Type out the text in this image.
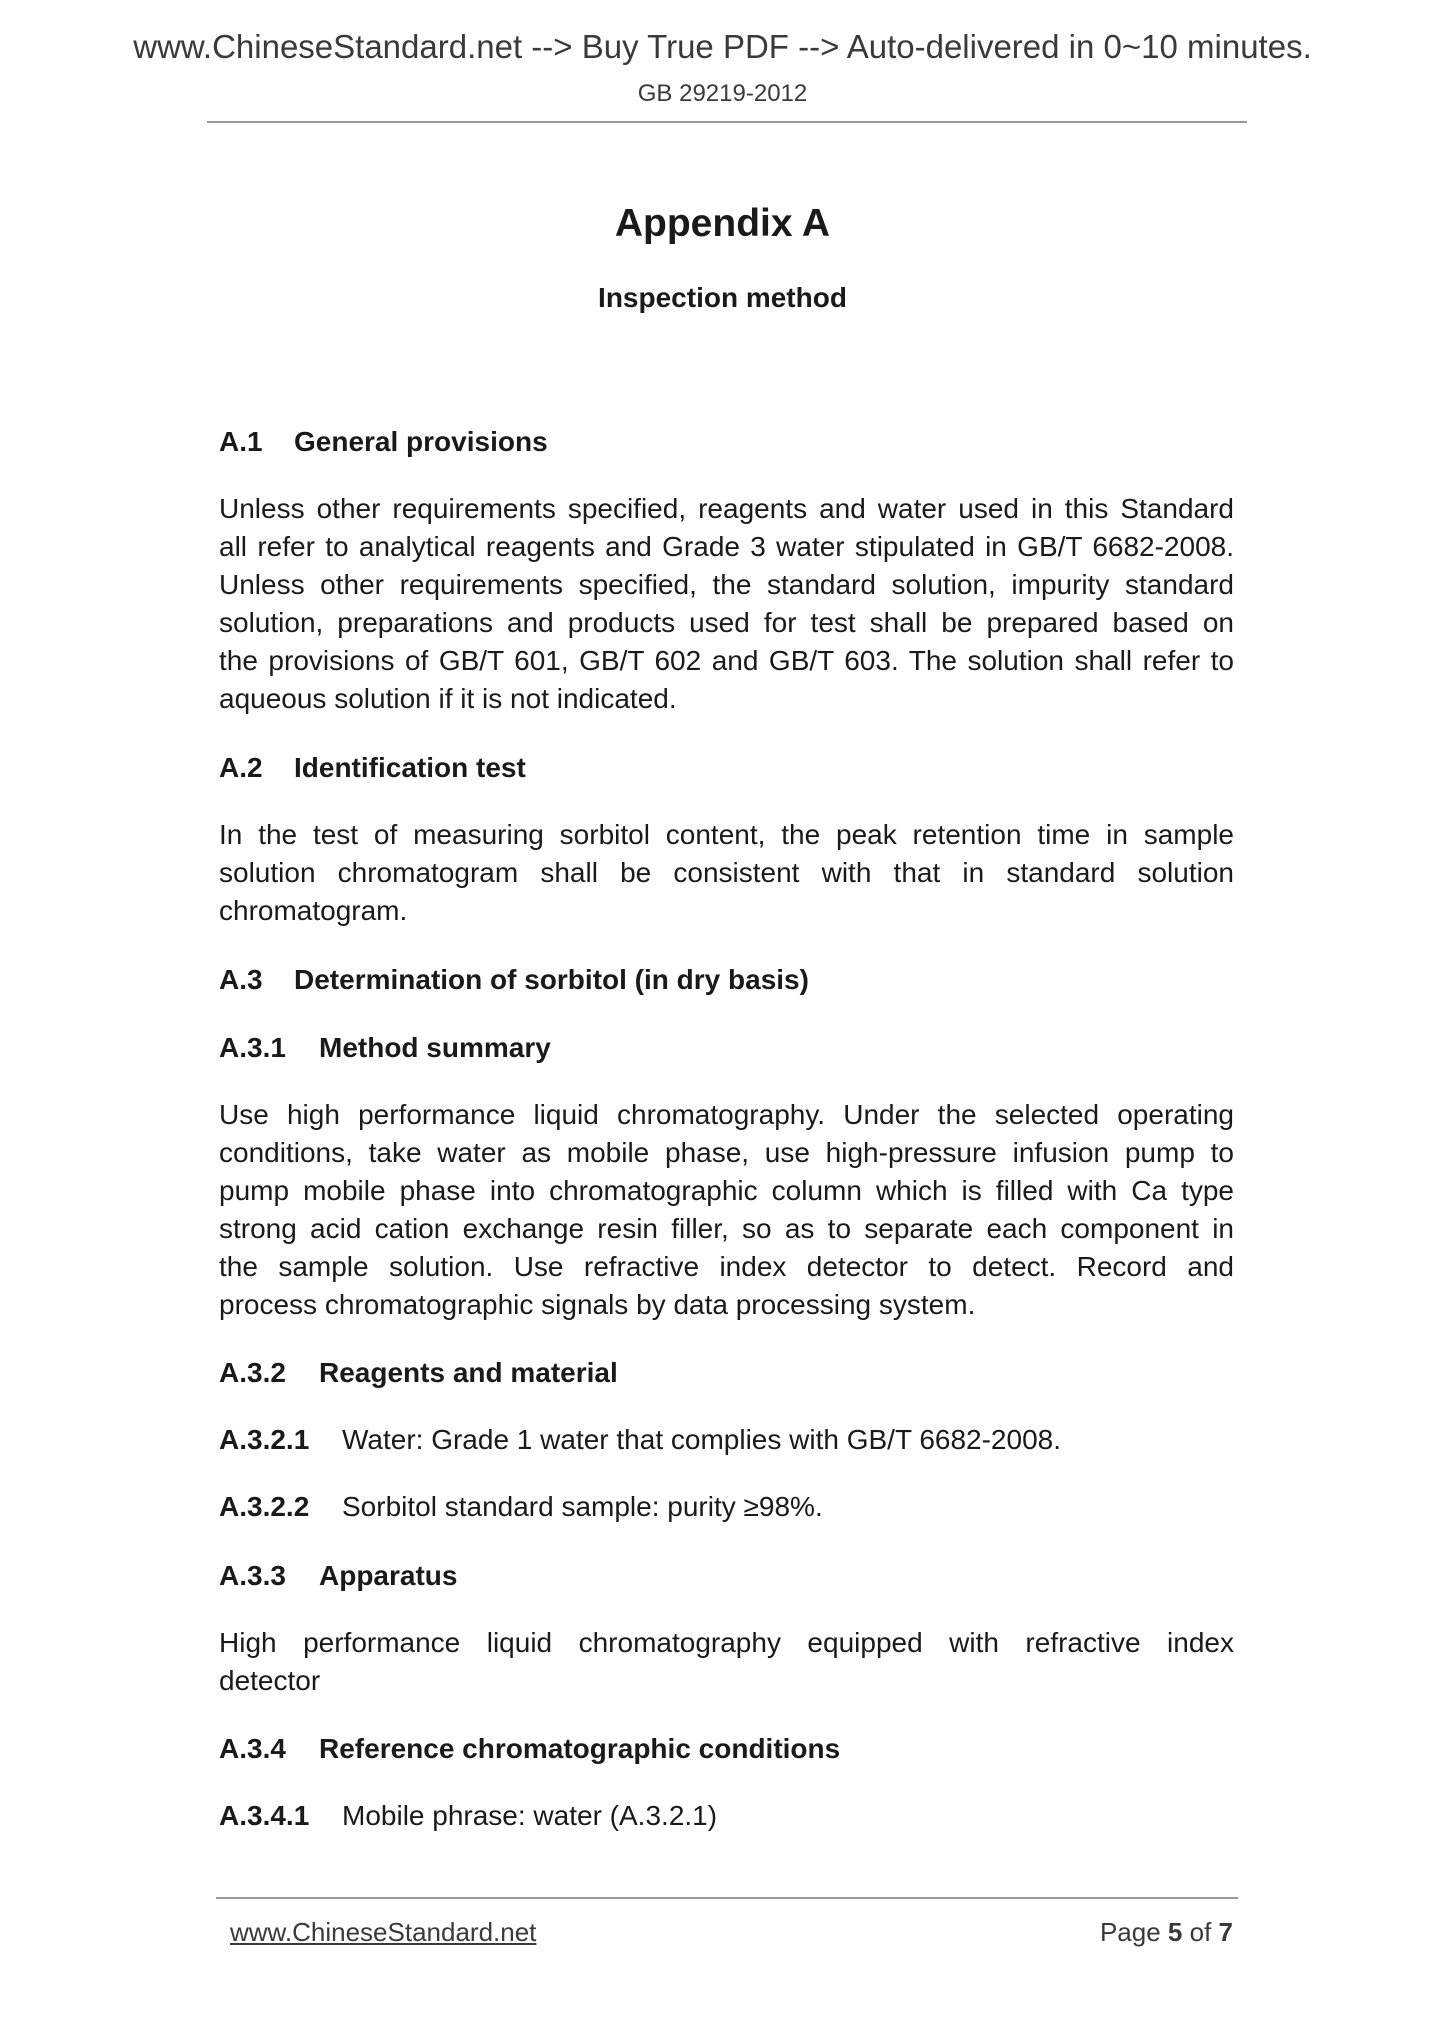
www.ChineseStandard.net --> Buy True PDF --> Auto-delivered in 0~10 minutes.
GB 29219-2012
Appendix A
Inspection method
A.1 General provisions
Unless other requirements specified, reagents and water used in this Standard
all refer to analytical reagents and Grade 3 water stipulated in GB/T 6682-2008.
Unless other requirements specified, the standard solution, impurity standard
solution, preparations and products used for test shall be prepared based on
the provisions of GB/T 601, GB/T 602 and GB/T 603. The solution shall refer to
aqueous solution if it is not indicated.
A.2 Identification test
In the test of measuring sorbitol content, the peak retention time in sample
solution chromatogram shall be consistent with that in standard solution
chromatogram.
A.3 Determination of sorbitol (in dry basis)
A.3.1 Method summary
Use high performance liquid chromatography. Under the selected operating
conditions, take water as mobile phase, use high-pressure infusion pump to
pump mobile phase into chromatographic column which is filled with Ca type
strong acid cation exchange resin filler, so as to separate each component in
the sample solution. Use refractive index detector to detect. Record and
process chromatographic signals by data processing system.
A.3.2 Reagents and material
A.3.2.1 Water: Grade 1 water that complies with GB/T 6682-2008.
A.3.2.2 Sorbitol standard sample: purity ≥98%.
A.3.3 Apparatus
High performance liquid chromatography equipped with refractive index
detector
A.3.4 Reference chromatographic conditions
A.3.4.1 Mobile phrase: water (A.3.2.1)
www.ChineseStandard.net	Page 5 of 7
